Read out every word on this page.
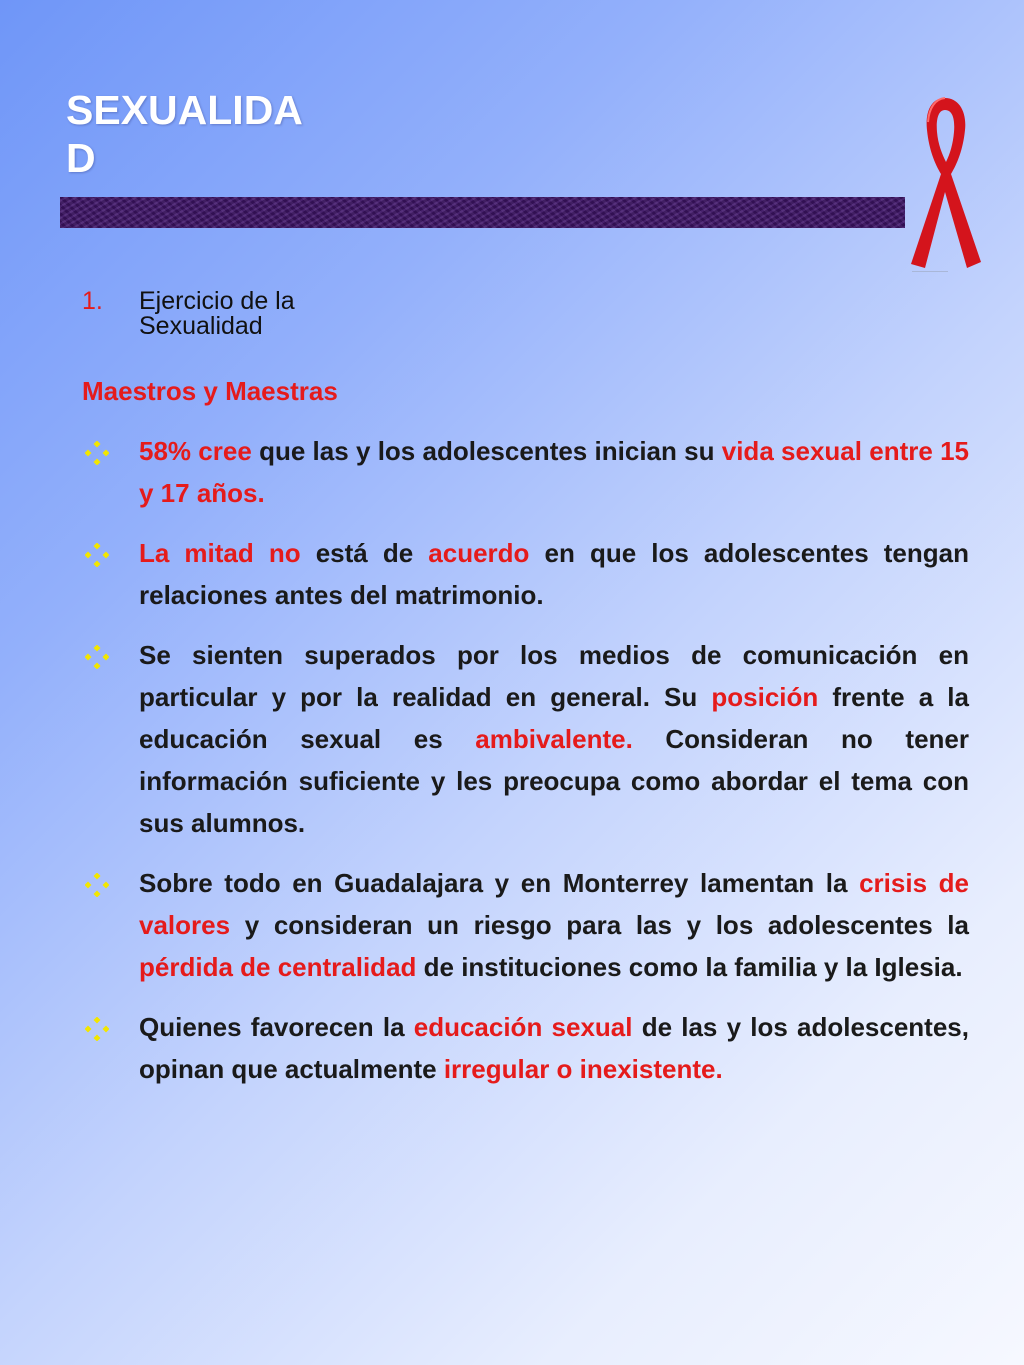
SEXUALIDA
D
1. Ejercicio de la Sexualidad
Maestros y Maestras

58% cree que las y los adolescentes inician su vida sexual entre 15 y 17 años.

La mitad no está de acuerdo en que los adolescentes tengan relaciones antes del matrimonio.

Se sienten superados por los medios de comunicación en particular y por la realidad en general. Su posición frente a la educación sexual es ambivalente. Consideran no tener información suficiente y les preocupa como abordar el tema con sus alumnos.

Sobre todo en Guadalajara y en Monterrey lamentan la crisis de valores y consideran un riesgo para las y los adolescentes la pérdida de centralidad de instituciones como la familia y la Iglesia.

Quienes favorecen la educación sexual de las y los adolescentes, opinan que actualmente irregular o inexistente.
